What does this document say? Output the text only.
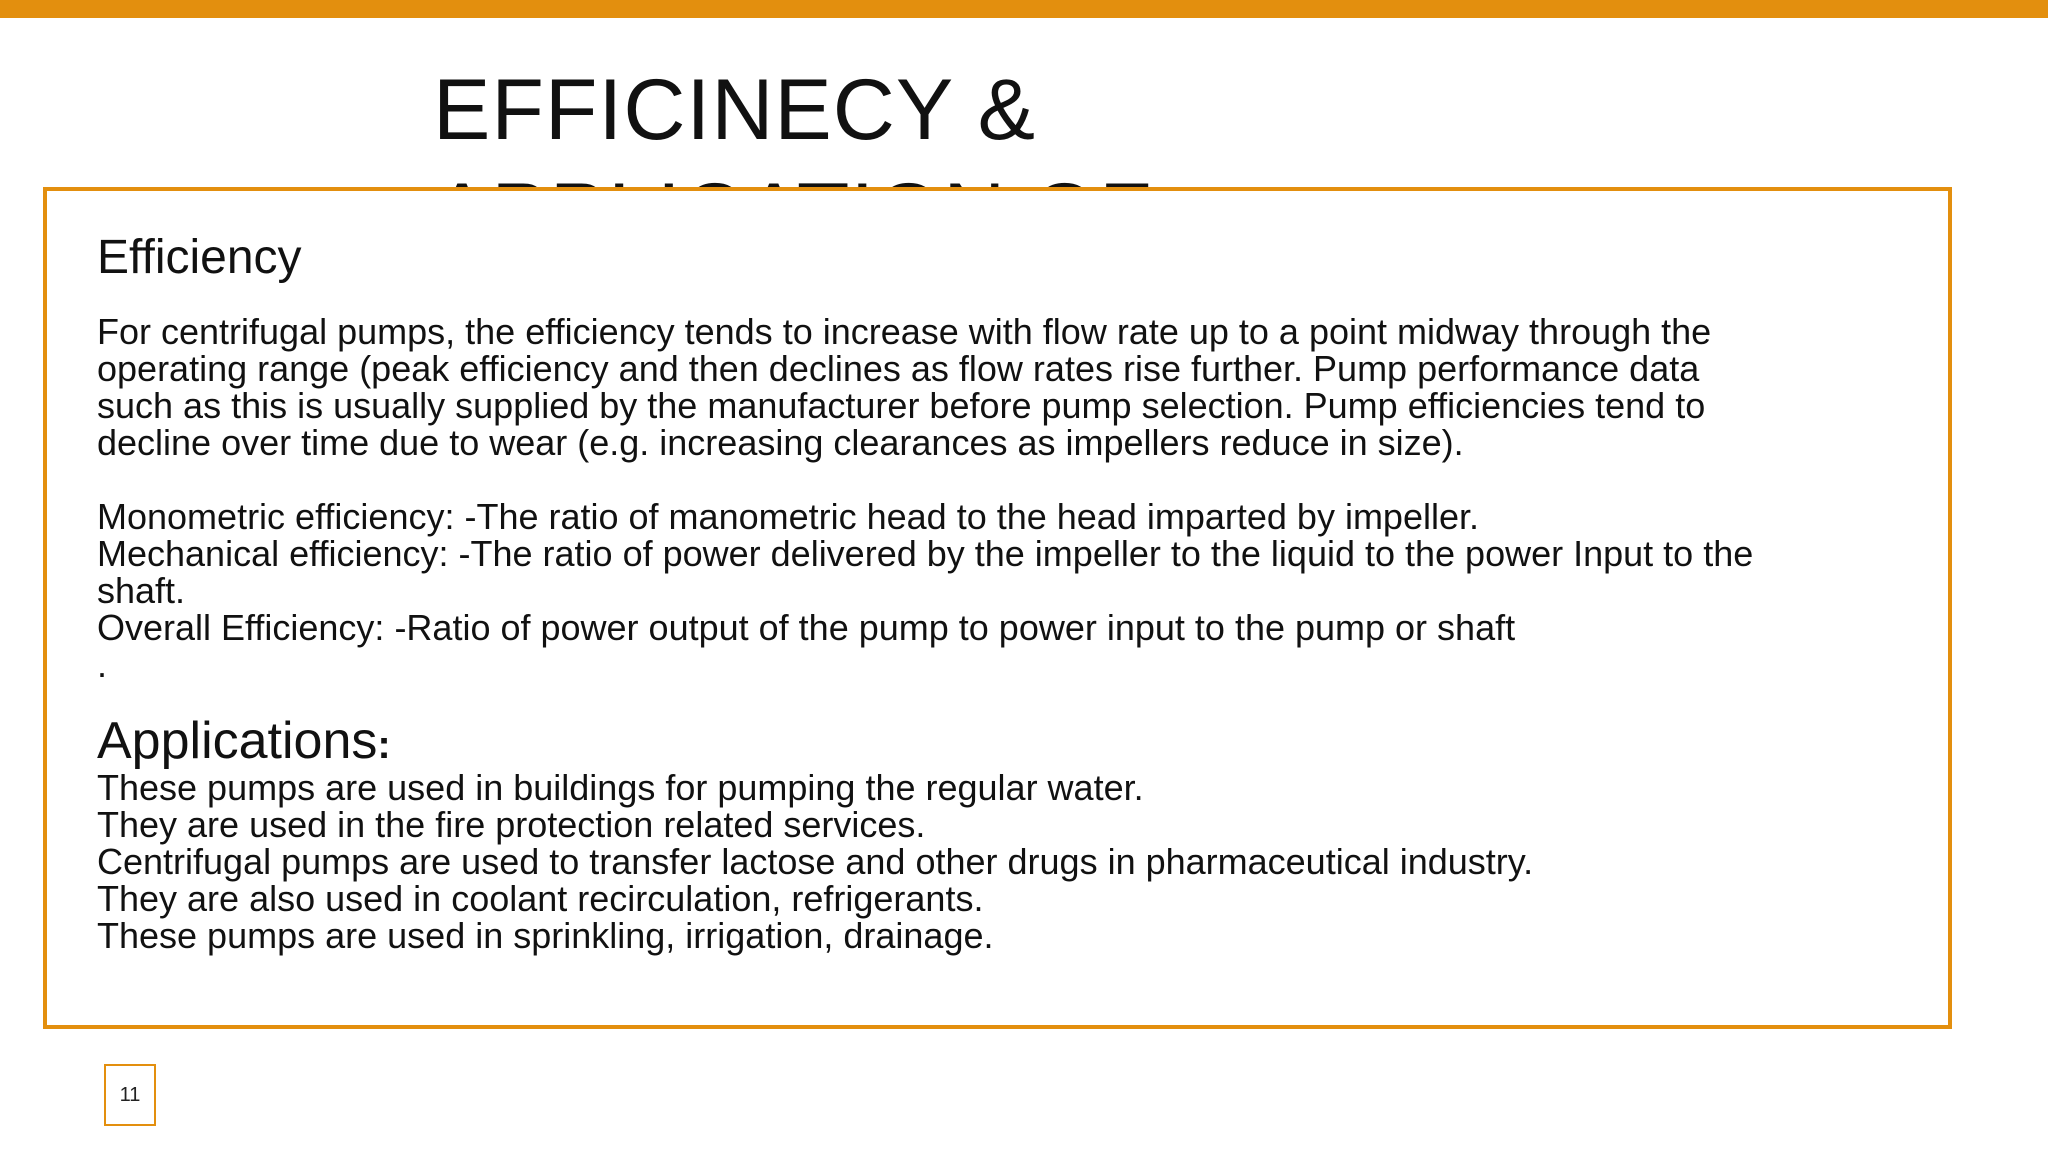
EFFICINECY &

Efficiency

For centrifugal pumps, the efficiency tends to increase with flow rate up to a point midway through the

operating range (peak efficiency and then declines as flow rates rise further. Pump performance data

such as this is usually supplied by the manufacturer before pump selection. Pump efficiencies tend to

decline over time due to wear (e.g. increasing clearances as impellers reduce in size).

Monometric efficiency: -The ratio of manometric head to the head imparted by impeller.

Mechanical efficiency: -The ratio of power delivered by the impeller to the liquid to the power Input to the

shaft.

Overall Efficiency: -Ratio of power output of the pump to power input to the pump or shaft

.

Applications:
These pumps are used in buildings for pumping the regular water.
They are used in the fire protection related services.
Centrifugal pumps are used to transfer lactose and other drugs in pharmaceutical industry.
They are also used in coolant recirculation, refrigerants.
These pumps are used in sprinkling, irrigation, drainage.
11
